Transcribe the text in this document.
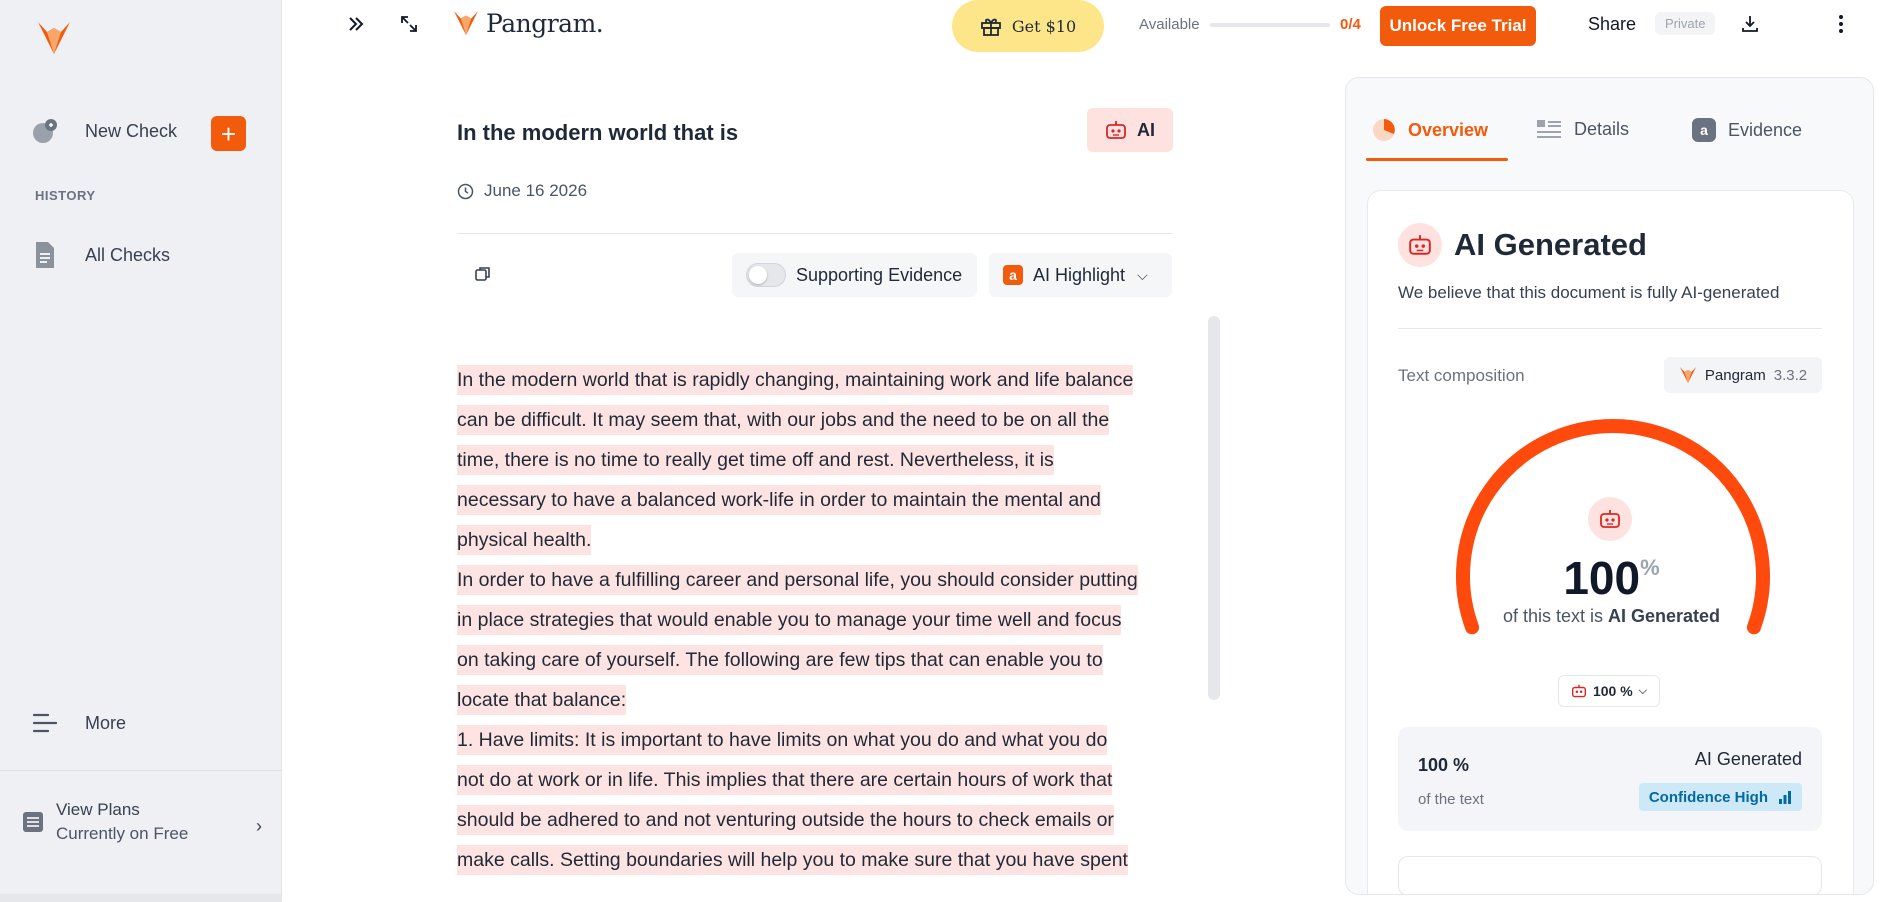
New Check	+
HISTORY
All Checks
More
View Plans
Currently on Free	›
Pangram.	Get $10	Available	0/4	Unlock Free Trial	Share	Private
In the modern world that is	AI
June 16 2026
Supporting Evidence	a AI Highlight ⌵
In the modern world that is rapidly changing, maintaining work and life balance
can be difficult. It may seem that, with our jobs and the need to be on all the
time, there is no time to really get time off and rest. Nevertheless, it is
necessary to have a balanced work-life in order to maintain the mental and
physical health.
In order to have a fulfilling career and personal life, you should consider putting
in place strategies that would enable you to manage your time well and focus
on taking care of yourself. The following are few tips that can enable you to
locate that balance:
1. Have limits: It is important to have limits on what you do and what you do
not do at work or in life. This implies that there are certain hours of work that
should be adhered to and not venturing outside the hours to check emails or
make calls. Setting boundaries will help you to make sure that you have spent
Overview	Details	a	Evidence
AI Generated
We believe that this document is fully AI-generated
Text composition	Pangram 3.3.2
100%
of this text is AI Generated
100 % ⌵
100 %
of the text
AI Generated
Confidence High
